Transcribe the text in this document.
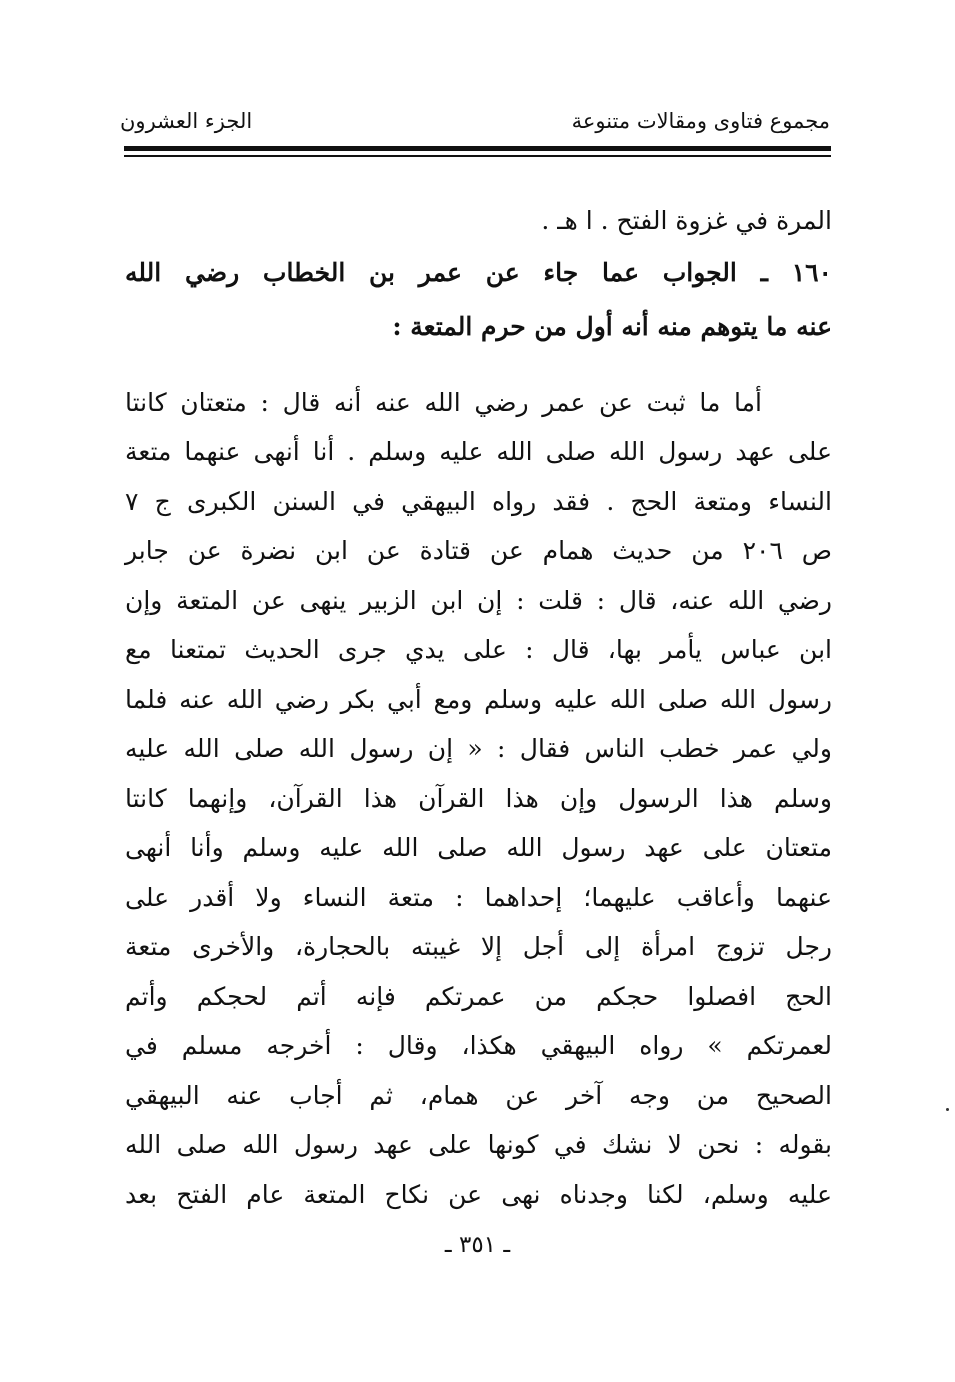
مجموع فتاوى ومقالات متنوعة
الجزء العشرون
المرة في غزوة الفتح . ا هـ .
١٦٠ ـ الجواب عما جاء عن عمر بن الخطاب رضي الله
عنه ما يتوهم منه أنه أول من حرم المتعة :
أما ما ثبت عن عمر رضي الله عنه أنه قال : متعتان كانتا
على عهد رسول الله صلى الله عليه وسلم . أنا أنهى عنهما متعة
النساء ومتعة الحج . فقد رواه البيهقي في السنن الكبرى ج ٧
ص ٢٠٦ من حديث همام عن قتادة عن ابن نضرة عن جابر
رضي الله عنه، قال : قلت : إن ابن الزبير ينهى عن المتعة وإن
ابن عباس يأمر بها، قال : على يدي جرى الحديث تمتعنا مع
رسول الله صلى الله عليه وسلم ومع أبي بكر رضي الله عنه فلما
ولي عمر خطب الناس فقال : « إن رسول الله صلى الله عليه
وسلم هذا الرسول وإن هذا القرآن هذا القرآن، وإنهما كانتا
متعتان على عهد رسول الله صلى الله عليه وسلم وأنا أنهى
عنهما وأعاقب عليهما؛ إحداهما : متعة النساء ولا أقدر على
رجل تزوج امرأة إلى أجل إلا غيبته بالحجارة، والأخرى متعة
الحج افصلوا حجكم من عمرتكم فإنه أتم لحجكم وأتم
لعمرتكم » رواه البيهقي هكذا، وقال : أخرجه مسلم في
الصحيح من وجه آخر عن همام، ثم أجاب عنه البيهقي
بقوله : نحن لا نشك في كونها على عهد رسول الله صلى الله
عليه وسلم، لكنا وجدناه نهى عن نكاح المتعة عام الفتح بعد
ـ ٣٥١ ـ
